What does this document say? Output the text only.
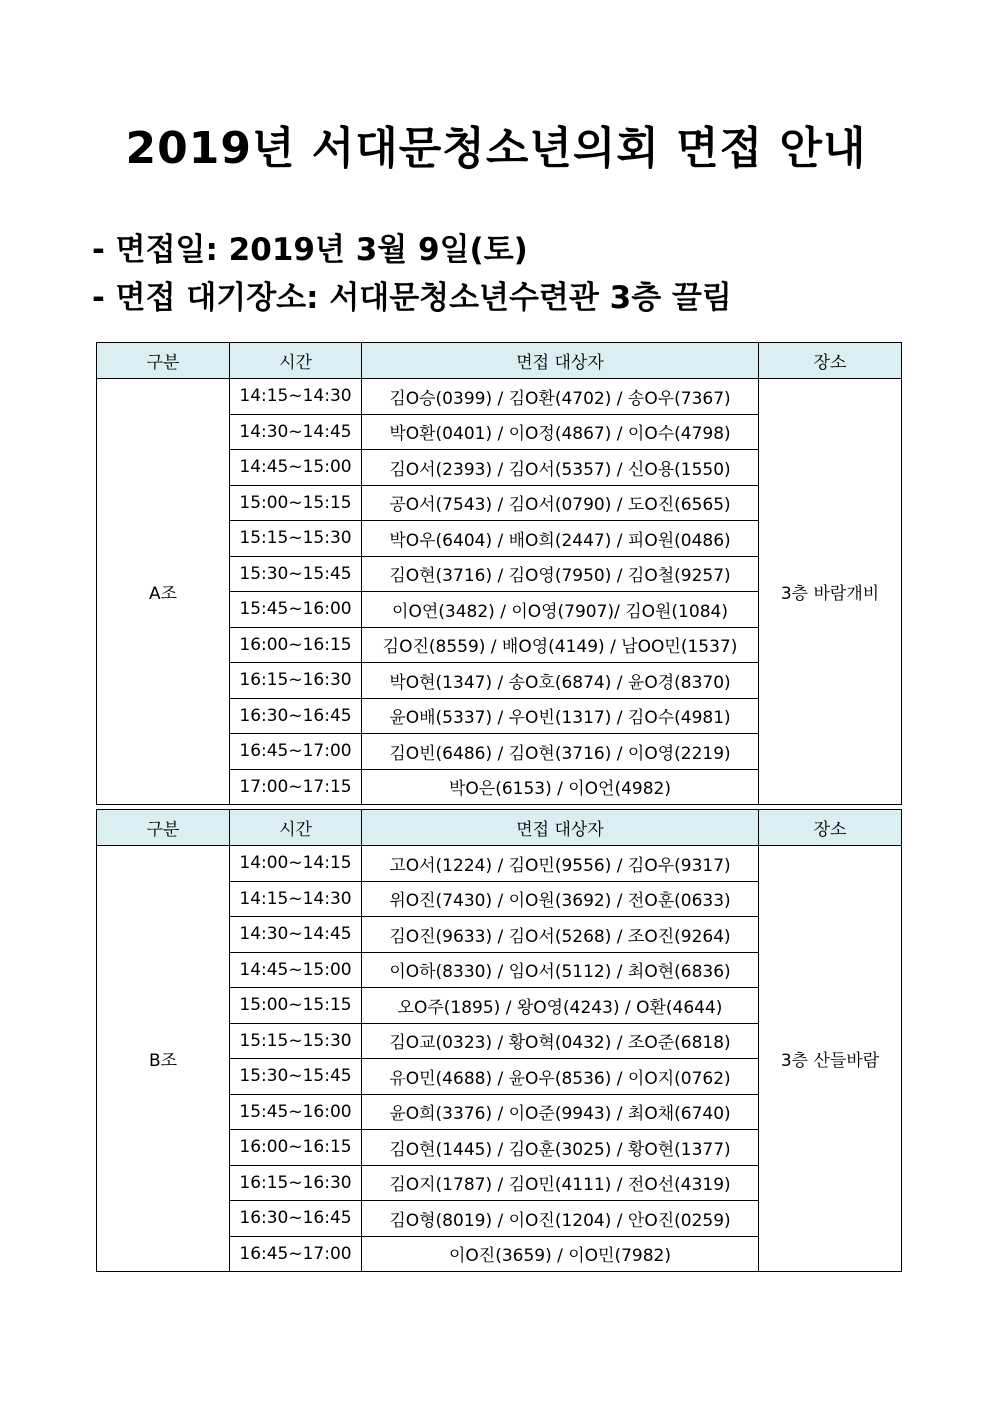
2019년 서대문청소년의회 면접 안내

- 면접일: 2019년 3월 9일(토)

- 면접 대기장소: 서대문청소년수련관 3층 끌림

구분	시간	면접 대상자	장소
A조	14:15~14:30	김O승(0399) / 김O환(4702) / 송O우(7367)	3층 바람개비
	14:30~14:45	박O환(0401) / 이O정(4867) / 이O수(4798)	
	14:45~15:00	김O서(2393) / 김O서(5357) / 신O용(1550)	
	15:00~15:15	공O서(7543) / 김O서(0790) / 도O진(6565)	
	15:15~15:30	박O우(6404) / 배O희(2447) / 피O원(0486)	
	15:30~15:45	김O현(3716) / 김O영(7950) / 김O철(9257)	
	15:45~16:00	이O연(3482) / 이O영(7907)/ 김O원(1084)	
	16:00~16:15	김O진(8559) / 배O영(4149) / 남OO민(1537)	
	16:15~16:30	박O현(1347) / 송O호(6874) / 윤O경(8370)	
	16:30~16:45	윤O배(5337) / 우O빈(1317) / 김O수(4981)	
	16:45~17:00	김O빈(6486) / 김O현(3716) / 이O영(2219)	
	17:00~17:15	박O은(6153) / 이O언(4982)	
구분	시간	면접 대상자	장소
B조	14:00~14:15	고O서(1224) / 김O민(9556) / 김O우(9317)	3층 산들바람
	14:15~14:30	위O진(7430) / 이O원(3692) / 전O훈(0633)	
	14:30~14:45	김O진(9633) / 김O서(5268) / 조O진(9264)	
	14:45~15:00	이O하(8330) / 임O서(5112) / 최O현(6836)	
	15:00~15:15	오O주(1895) / 왕O영(4243) / O환(4644)	
	15:15~15:30	김O교(0323) / 황O혁(0432) / 조O준(6818)	
	15:30~15:45	유O민(4688) / 윤O우(8536) / 이O지(0762)	
	15:45~16:00	윤O희(3376) / 이O준(9943) / 최O채(6740)	
	16:00~16:15	김O현(1445) / 김O훈(3025) / 황O현(1377)	
	16:15~16:30	김O지(1787) / 김O민(4111) / 전O선(4319)	
	16:30~16:45	김O형(8019) / 이O진(1204) / 안O진(0259)	
	16:45~17:00	이O진(3659) / 이O민(7982)	
